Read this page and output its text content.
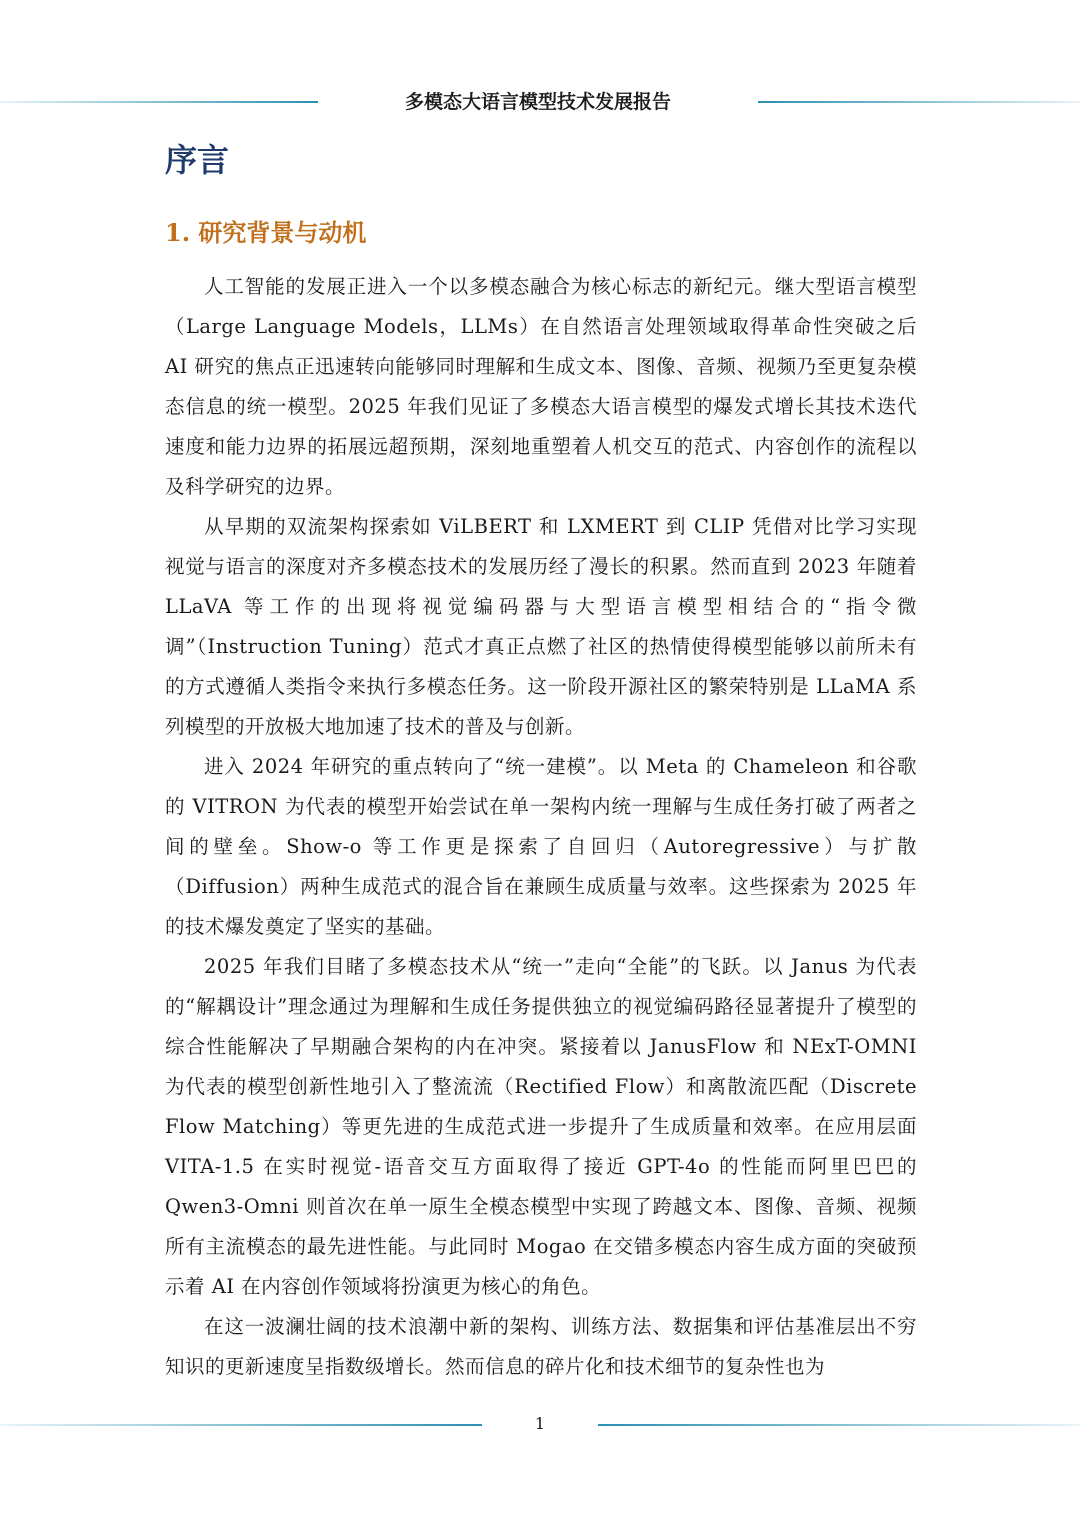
多模态大语言模型技术发展报告
序言
1. 研究背景与动机

人工智能的发展正进入一个以多模态融合为核心标志的新纪元。继大型语言模型（Large Language Models，LLMs）在自然语言处理领域取得革命性突破之后 AI 研究的焦点正迅速转向能够同时理解和生成文本、图像、音频、视频乃至更复杂模态信息的统一模型。2025 年我们见证了多模态大语言模型的爆发式增长其技术迭代速度和能力边界的拓展远超预期，深刻地重塑着人机交互的范式、内容创作的流程以及科学研究的边界。

从早期的双流架构探索如 ViLBERT 和 LXMERT 到 CLIP 凭借对比学习实现视觉与语言的深度对齐多模态技术的发展历经了漫长的积累。然而直到 2023 年随着 LLaVA 等工作的出现将视觉编码器与大型语言模型相结合的“指令微调”（Instruction Tuning）范式才真正点燃了社区的热情使得模型能够以前所未有的方式遵循人类指令来执行多模态任务。这一阶段开源社区的繁荣特别是 LLaMA 系列模型的开放极大地加速了技术的普及与创新。

进入 2024 年研究的重点转向了“统一建模”。以 Meta 的 Chameleon 和谷歌的 VITRON 为代表的模型开始尝试在单一架构内统一理解与生成任务打破了两者之间的壁垒。Show-o 等工作更是探索了自回归（Autoregressive）与扩散（Diffusion）两种生成范式的混合旨在兼顾生成质量与效率。这些探索为 2025 年的技术爆发奠定了坚实的基础。

2025 年我们目睹了多模态技术从“统一”走向“全能”的飞跃。以 Janus 为代表的“解耦设计”理念通过为理解和生成任务提供独立的视觉编码路径显著提升了模型的综合性能解决了早期融合架构的内在冲突。紧接着以 JanusFlow 和 NExT-OMNI 为代表的模型创新性地引入了整流流（Rectified Flow）和离散流匹配（Discrete Flow Matching）等更先进的生成范式进一步提升了生成质量和效率。在应用层面 VITA-1.5 在实时视觉-语音交互方面取得了接近 GPT-4o 的性能而阿里巴巴的 Qwen3-Omni 则首次在单一原生全模态模型中实现了跨越文本、图像、音频、视频所有主流模态的最先进性能。与此同时 Mogao 在交错多模态内容生成方面的突破预示着 AI 在内容创作领域将扮演更为核心的角色。

在这一波澜壮阔的技术浪潮中新的架构、训练方法、数据集和评估基准层出不穷知识的更新速度呈指数级增长。然而信息的碎片化和技术细节的复杂性也为

1
